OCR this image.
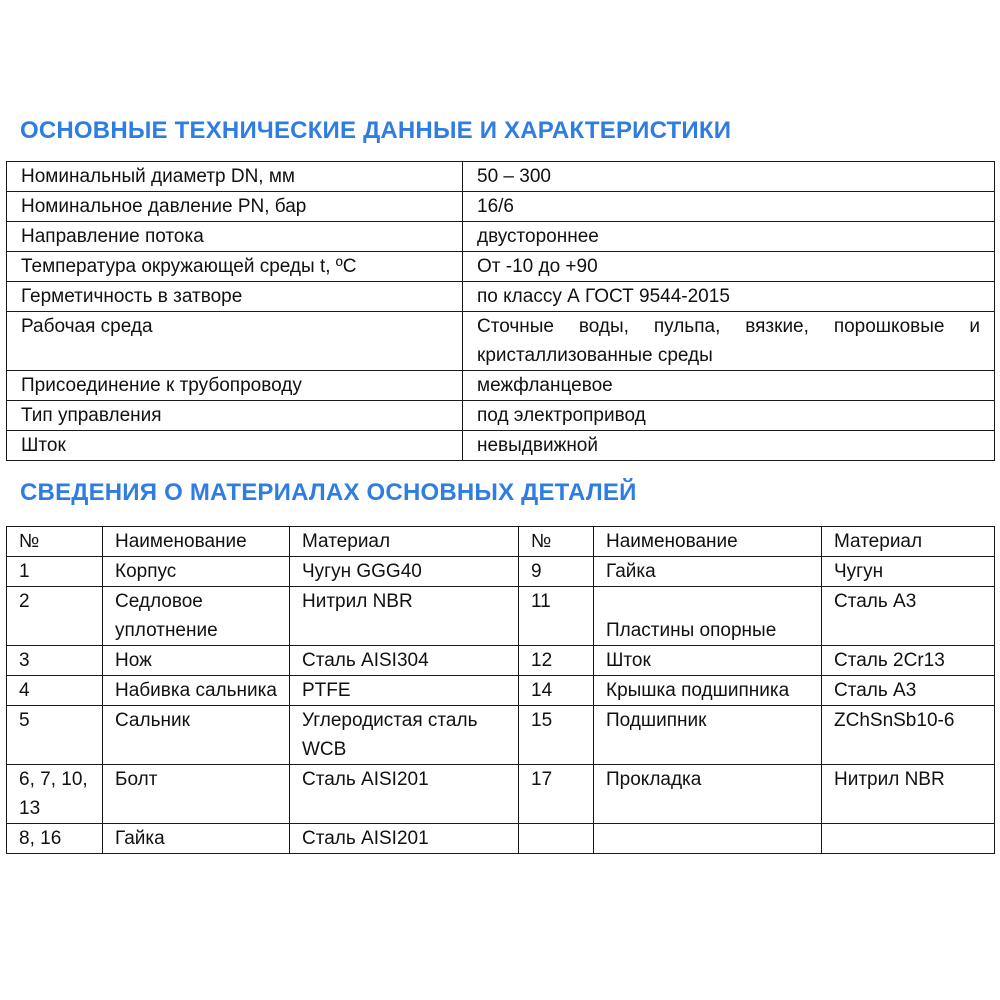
ОСНОВНЫЕ ТЕХНИЧЕСКИЕ ДАННЫЕ И ХАРАКТЕРИСТИКИ
Номинальный диаметр DN, мм	50 – 300
Номинальное давление PN, бар	16/6
Направление потока	двустороннее
Температура окружающей среды t, ºС	От -10 до +90
Герметичность в затворе	по классу А ГОСТ 9544-2015
Рабочая среда	Сточные воды, пульпа, вязкие, порошковые и кристаллизованные среды
Присоединение к трубопроводу	межфланцевое
Тип управления	под электропривод
Шток	невыдвижной
СВЕДЕНИЯ О МАТЕРИАЛАХ ОСНОВНЫХ ДЕТАЛЕЙ
№	Наименование	Материал	№	Наименование	Материал
1	Корпус	Чугун GGG40	9	Гайка	Чугун
2	Седловое уплотнение	Нитрил NBR	11	Пластины опорные	Сталь А3
3	Нож	Сталь AISI304	12	Шток	Сталь 2Cr13
4	Набивка сальника	PTFE	14	Крышка подшипника	Сталь А3
5	Сальник	Углеродистая сталь WCB	15	Подшипник	ZChSnSb10-6
6, 7, 10, 13	Болт	Сталь AISI201	17	Прокладка	Нитрил NBR
8, 16	Гайка	Сталь AISI201			
